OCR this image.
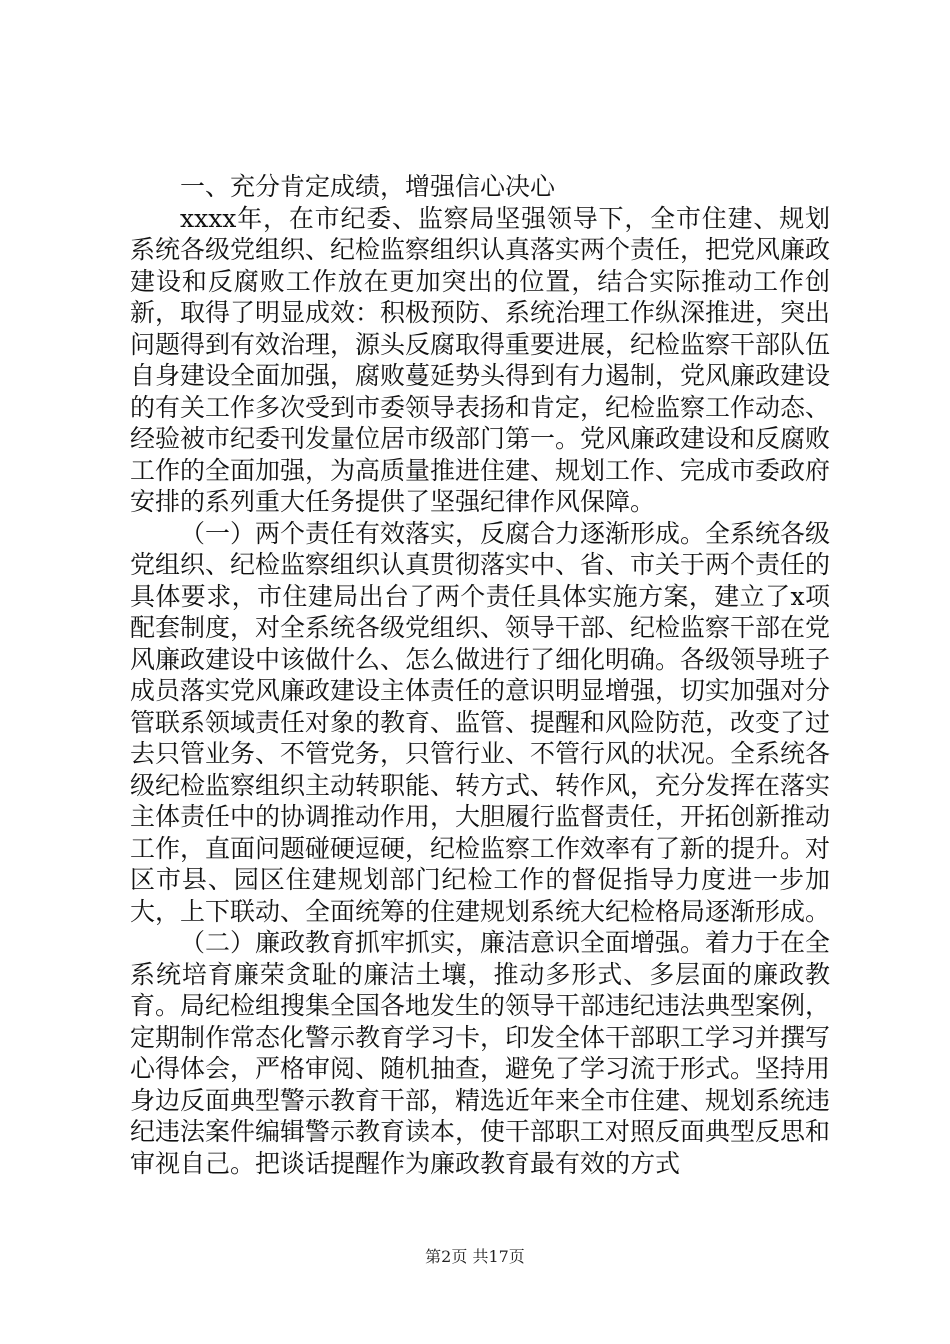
一、充分肯定成绩，增强信心决心

xxxx年，在市纪委、监察局坚强领导下，全市住建、规划系统各级党组织、纪检监察组织认真落实两个责任，把党风廉政建设和反腐败工作放在更加突出的位置，结合实际推动工作创新，取得了明显成效：积极预防、系统治理工作纵深推进，突出问题得到有效治理，源头反腐取得重要进展，纪检监察干部队伍自身建设全面加强，腐败蔓延势头得到有力遏制，党风廉政建设的有关工作多次受到市委领导表扬和肯定，纪检监察工作动态、经验被市纪委刊发量位居市级部门第一。党风廉政建设和反腐败工作的全面加强，为高质量推进住建、规划工作、完成市委政府安排的系列重大任务提供了坚强纪律作风保障。

（一）两个责任有效落实，反腐合力逐渐形成。全系统各级党组织、纪检监察组织认真贯彻落实中、省、市关于两个责任的具体要求，市住建局出台了两个责任具体实施方案，建立了x项配套制度，对全系统各级党组织、领导干部、纪检监察干部在党风廉政建设中该做什么、怎么做进行了细化明确。各级领导班子成员落实党风廉政建设主体责任的意识明显增强，切实加强对分管联系领域责任对象的教育、监管、提醒和风险防范，改变了过去只管业务、不管党务，只管行业、不管行风的状况。全系统各级纪检监察组织主动转职能、转方式、转作风，充分发挥在落实主体责任中的协调推动作用，大胆履行监督责任，开拓创新推动工作，直面问题碰硬逗硬，纪检监察工作效率有了新的提升。对区市县、园区住建规划部门纪检工作的督促指导力度进一步加大，上下联动、全面统筹的住建规划系统大纪检格局逐渐形成。

（二）廉政教育抓牢抓实，廉洁意识全面增强。着力于在全系统培育廉荣贪耻的廉洁土壤，推动多形式、多层面的廉政教育。局纪检组搜集全国各地发生的领导干部违纪违法典型案例，定期制作常态化警示教育学习卡，印发全体干部职工学习并撰写心得体会，严格审阅、随机抽查，避免了学习流于形式。坚持用身边反面典型警示教育干部，精选近年来全市住建、规划系统违纪违法案件编辑警示教育读本，使干部职工对照反面典型反思和审视自己。把谈话提醒作为廉政教育最有效的方式

第2页 共17页
